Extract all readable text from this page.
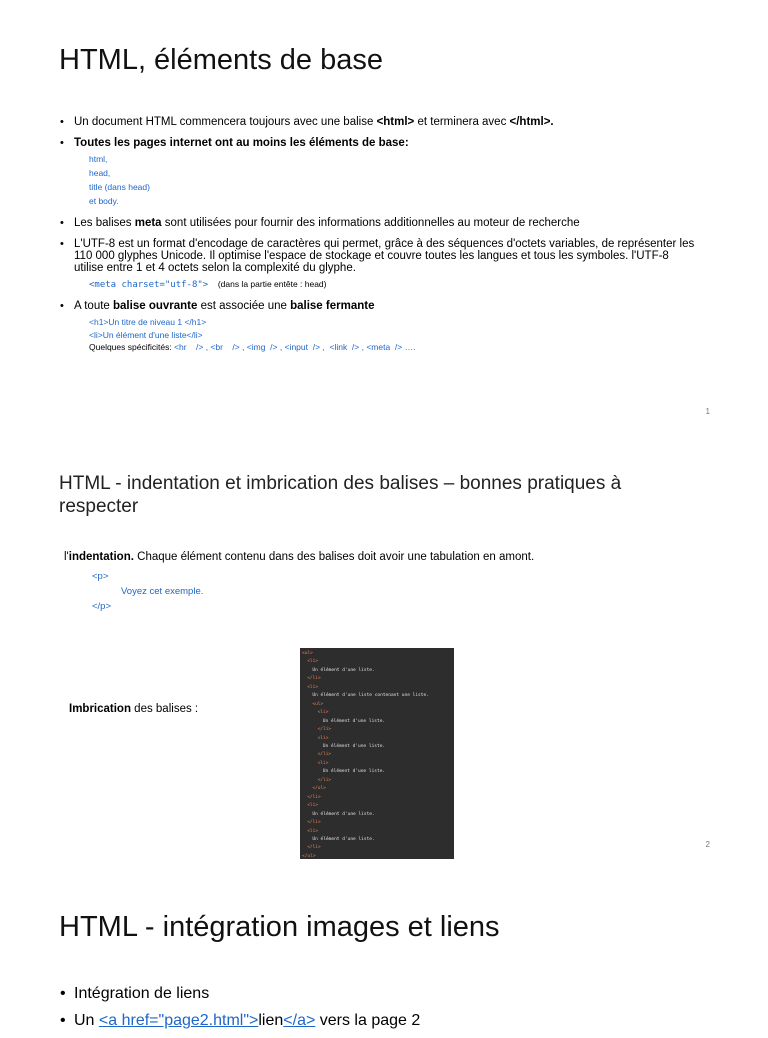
HTML, éléments de base
• Un document HTML commencera toujours avec une balise <html> et terminera avec </html>.
• Toutes les pages internet ont au moins les éléments de base:
html,
head,
title (dans head)
et body.
• Les balises meta sont utilisées pour fournir des informations additionnelles au moteur de recherche
• L'UTF-8 est un format d'encodage de caractères qui permet, grâce à des séquences d'octets variables, de représenter les 110 000 glyphes Unicode. Il optimise l'espace de stockage et couvre toutes les langues et tous les symboles. l'UTF-8 utilise entre 1 et 4 octets selon la complexité du glyphe.
<meta charset="utf-8"> (dans la partie entête : head)
• A toute balise ouvrante est associée une balise fermante
<h1>Un titre de niveau 1 </h1>
<li>Un élément d'une liste</li>
Quelques spécificités: <hr    /> , <br    /> , <img  /> , <input  /> ,  <link  /> , <meta  /> ….
1
HTML - indentation et imbrication des balises – bonnes pratiques à respecter
l'indentation. Chaque élément contenu dans des balises doit avoir une tabulation en amont.
<p>
Voyez cet exemple.
</p>
Imbrication des balises :
<ul>
<li>
Un élément d'une liste.
</li>
<li>
Un élément d'une liste contenant une liste.
<ul>
<li>
Un élément d'une liste.
</li>
<li>
Un élément d'une liste.
</li>
<li>
Un élément d'une liste.
</li>
</ul>
</li>
<li>
Un élément d'une liste.
</li>
<li>
Un élément d'une liste.
</li>
</ul>
2
HTML - intégration images et liens
• Intégration de liens
• Un <a href="page2.html">lien</a> vers la page 2
